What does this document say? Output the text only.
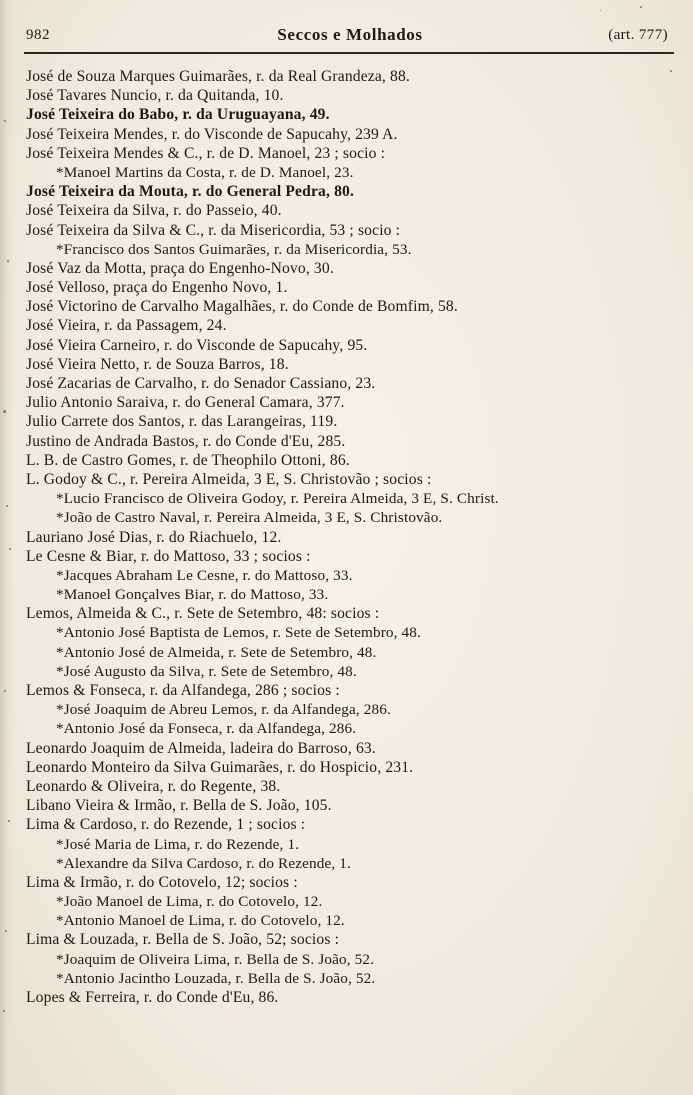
982	Seccos e Molhados	(art. 777)
José de Souza Marques Guimarães, r. da Real Grandeza, 88.
José Tavares Nuncio, r. da Quitanda, 10.
José Teixeira do Babo, r. da Uruguayana, 49.
José Teixeira Mendes, r. do Visconde de Sapucahy, 239 A.
José Teixeira Mendes & C., r. de D. Manoel, 23 ; socio :
*Manoel Martins da Costa, r. de D. Manoel, 23.
José Teixeira da Mouta, r. do General Pedra, 80.
José Teixeira da Silva, r. do Passeio, 40.
José Teixeira da Silva & C., r. da Misericordia, 53 ; socio :
*Francisco dos Santos Guimarães, r. da Misericordia, 53.
José Vaz da Motta, praça do Engenho-Novo, 30.
José Velloso, praça do Engenho Novo, 1.
José Victorino de Carvalho Magalhães, r. do Conde de Bomfim, 58.
José Vieira, r. da Passagem, 24.
José Vieira Carneiro, r. do Visconde de Sapucahy, 95.
José Vieira Netto, r. de Souza Barros, 18.
José Zacarias de Carvalho, r. do Senador Cassiano, 23.
Julio Antonio Saraiva, r. do General Camara, 377.
Julio Carrete dos Santos, r. das Larangeiras, 119.
Justino de Andrada Bastos, r. do Conde d'Eu, 285.
L. B. de Castro Gomes, r. de Theophilo Ottoni, 86.
L. Godoy & C., r. Pereira Almeida, 3 E, S. Christovão ; socios :
*Lucio Francisco de Oliveira Godoy, r. Pereira Almeida, 3 E, S. Christ.
*João de Castro Naval, r. Pereira Almeida, 3 E, S. Christovão.
Lauriano José Dias, r. do Riachuelo, 12.
Le Cesne & Biar, r. do Mattoso, 33 ; socios :
*Jacques Abraham Le Cesne, r. do Mattoso, 33.
*Manoel Gonçalves Biar, r. do Mattoso, 33.
Lemos, Almeida & C., r. Sete de Setembro, 48: socios :
*Antonio José Baptista de Lemos, r. Sete de Setembro, 48.
*Antonio José de Almeida, r. Sete de Setembro, 48.
*José Augusto da Silva, r. Sete de Setembro, 48.
Lemos & Fonseca, r. da Alfandega, 286 ; socios :
*José Joaquim de Abreu Lemos, r. da Alfandega, 286.
*Antonio José da Fonseca, r. da Alfandega, 286.
Leonardo Joaquim de Almeida, ladeira do Barroso, 63.
Leonardo Monteiro da Silva Guimarães, r. do Hospicio, 231.
Leonardo & Oliveira, r. do Regente, 38.
Libano Vieira & Irmão, r. Bella de S. João, 105.
Lima & Cardoso, r. do Rezende, 1 ; socios :
*José Maria de Lima, r. do Rezende, 1.
*Alexandre da Silva Cardoso, r. do Rezende, 1.
Lima & Irmão, r. do Cotovelo, 12; socios :
*João Manoel de Lima, r. do Cotovelo, 12.
*Antonio Manoel de Lima, r. do Cotovelo, 12.
Lima & Louzada, r. Bella de S. João, 52; socios :
*Joaquim de Oliveira Lima, r. Bella de S. João, 52.
*Antonio Jacintho Louzada, r. Bella de S. João, 52.
Lopes & Ferreira, r. do Conde d'Eu, 86.
